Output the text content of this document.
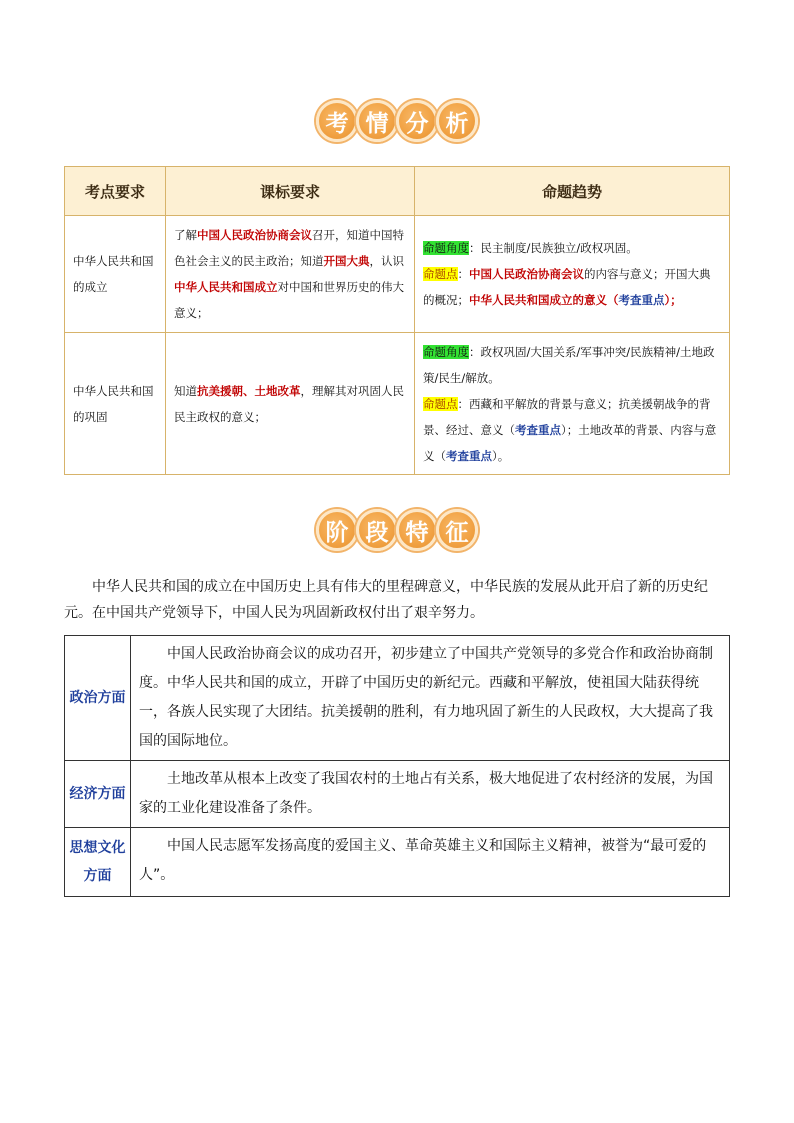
考 情 分 析
考点要求	课标要求	命题趋势
中华人民共和国的成立	了解中国人民政治协商会议召开，知道中国特色社会主义的民主政治；知道开国大典，认识中华人民共和国成立对中国和世界历史的伟大意义；	命题角度：民主制度/民族独立/政权巩固。
命题点：中国人民政治协商会议的内容与意义；开国大典的概况；中华人民共和国成立的意义（考查重点）；
中华人民共和国的巩固	知道抗美援朝、土地改革，理解其对巩固人民民主政权的意义；	命题角度：政权巩固/大国关系/军事冲突/民族精神/土地政策/民生/解放。
命题点：西藏和平解放的背景与意义；抗美援朝战争的背景、经过、意义（考查重点）；土地改革的背景、内容与意义（考查重点）。
阶 段 特 征

中华人民共和国的成立在中国历史上具有伟大的里程碑意义，中华民族的发展从此开启了新的历史纪元。在中国共产党领导下，中国人民为巩固新政权付出了艰辛努力。

政治方面	中国人民政治协商会议的成功召开，初步建立了中国共产党领导的多党合作和政治协商制度。中华人民共和国的成立，开辟了中国历史的新纪元。西藏和平解放，使祖国大陆获得统一，各族人民实现了大团结。抗美援朝的胜利，有力地巩固了新生的人民政权，大大提高了我国的国际地位。
经济方面	土地改革从根本上改变了我国农村的土地占有关系，极大地促进了农村经济的发展，为国家的工业化建设准备了条件。
思想文化方面	中国人民志愿军发扬高度的爱国主义、革命英雄主义和国际主义精神，被誉为“最可爱的人”。
